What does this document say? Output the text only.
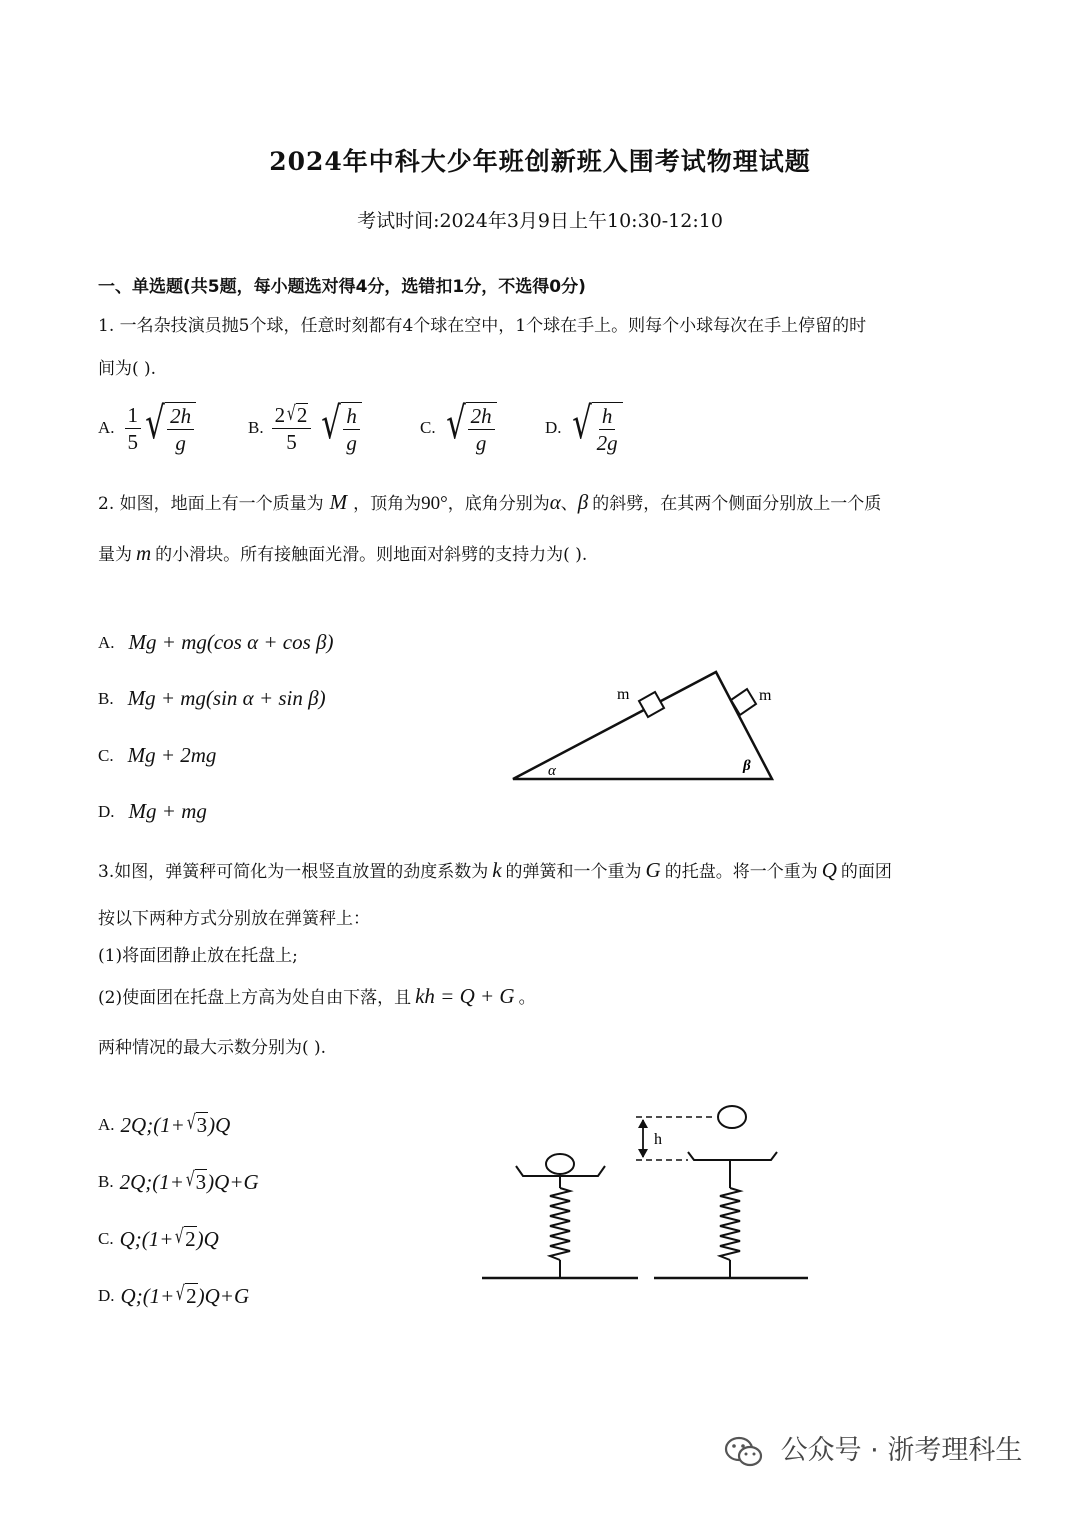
2024年中科大少年班创新班入围考试物理试题
考试时间:2024年3月9日上午10:30-12:10
一、单选题(共5题，每小题选对得4分，选错扣1分，不选得0分)
1. 一名杂技演员抛5个球，任意时刻都有4个球在空中，1个球在手上。则每个小球每次在手上停留的时
间为( ).
A. $\frac{1}{5}$ √ $\frac{2h}{g}$	B. $\frac{2 √ 2}{5}$ √ $\frac{h}{g}$	C. √ $\frac{2h}{g}$	D. √ $\frac{h}{2g}$
2. 如图，地面上有一个质量为 M ，顶角为 90° ，底角分别为 α 、 β 的斜劈，在其两个侧面分别放上一个质
量为 m 的小滑块。所有接触面光滑。则地面对斜劈的支持力为( ).
A. Mg + mg(cos α + cos β)
B. Mg + mg(sin α + sin β)
C. Mg + 2mg
D. Mg + mg
m	m
α	β
3.如图，弹簧秤可简化为一根竖直放置的劲度系数为 k 的弹簧和一个重为 G 的托盘。将一个重为 Q 的面团
按以下两种方式分别放在弹簧秤上：
(1)将面团静止放在托盘上;
(2)使面团在托盘上方高为处自由下落，且 kh = Q + G 。
两种情况的最大示数分别为( ).
A. 2Q;(1+ √ 3 )Q
B. 2Q;(1+ √ 3 )Q+G
C. Q;(1+ √ 2 )Q
D. Q;(1+ √ 2 )Q+G
h
公众号 · 浙考理科生
